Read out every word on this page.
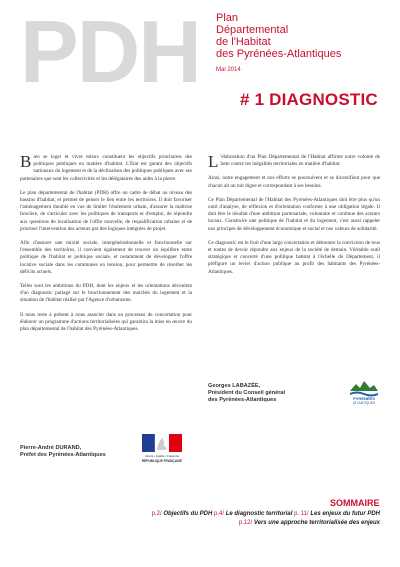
PDH Plan
Départemental
de l'Habitat
des Pyrénées-Atlantiques
Mai 2014
# 1 DIAGNOSTIC

Bien se loger et vivre mieux constituent les objectifs prioritaires des politiques publiques en matière d'habitat. L'Etat est garant des objectifs nationaux du logement et de la déclinaison des politiques publiques avec ses partenaires que sont les collectivités et les délégataires des aides à la pierre.

Le plan départemental de l'habitat (PDH) offre un cadre de débat au niveau des bassins d'habitat, et permet de penser le lien entre les territoires. Il doit favoriser l'aménagement durable en vue de limiter l'étalement urbain, d'assurer la maîtrise foncière, de s'articuler avec les politiques de transports et d'emploi, de répondre aux questions de localisation de l'offre nouvelle, de requalification urbaine et de prioriser l'intervention des acteurs par des logiques intégrées de projet.

Afin d'assurer une mixité sociale, intergénérationnelle et fonctionnelle sur l'ensemble des territoires, il convient également de trouver un équilibre entre politique de l'habitat et politique sociale, et notamment de développer l'offre locative sociale dans les communes en tension, pour permettre de résorber les déficits actuels.

Telles sont les ambitions du PDH, dont les enjeux et les orientations découlent d'un diagnostic partagé sur le fonctionnement des marchés du logement et la situation de l'habitat réalisé par l'Agence d'urbanisme.

Il nous reste à présent à nous associer dans un processus de concertation pour élaborer un programme d'actions territorialisées qui garantira la mise en œuvre du plan départemental de l'habitat des Pyrénées-Atlantiques.

L 'élaboration d'un Plan Départemental de l'Habitat affirme notre volonté de lutte contre les inégalités territoriales en matière d'habitat.

Ainsi, notre engagement et nos efforts se poursuivent et se diversifient pour que chacun ait un toit digne et correspondant à ses besoins.

Ce Plan Départemental de l'Habitat des Pyrénées-Atlantiques doit être plus qu'un outil d'analyse, de réflexion et d'orientation conforme à une obligation légale. Il doit être le résultat d'une ambition partenariale, volontaire et continue des acteurs locaux. Construire une politique de l'habitat et du logement, c'est aussi rappeler nos principes de développement économique et social et nos valeurs de solidarité.

Ce diagnostic est le fruit d'une large concertation et démontre la conviction de tous et toutes de devoir répondre aux enjeux de la société de demain. Véritable outil stratégique et concerté d'une politique habitat à l'échelle du Département, il préfigure un levier d'action publique au profit des habitants des Pyrénées-Atlantiques.

Georges LABAZÉE,
Président du Conseil général
des Pyrénées-Atlantiques	PYRÉNÉES
ATLANTIQUES
Liberté • Égalité • Fraternité
RÉPUBLIQUE FRANÇAISE
Pierre-André DURAND,
Préfet des Pyrénées-Atlantiques
SOMMAIRE
p.2/ Objectifs du PDH p.4/ Le diagnostic territorial p. 11/ Les enjeux du futur PDH
p.12/ Vers une approche territorialisée des enjeux
